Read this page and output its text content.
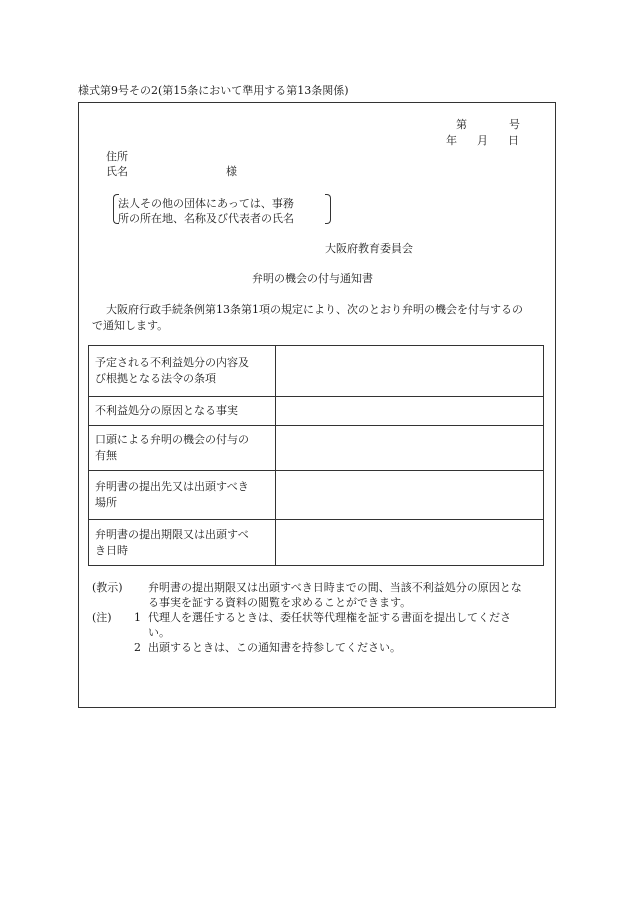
様式第9号その2(第15条において準用する第13条関係)
第	号
年 月 日
住所
氏名	様
法人その他の団体にあっては、事務
所の所在地、名称及び代表者の氏名
大阪府教育委員会
弁明の機会の付与通知書
大阪府行政手続条例第13条第1項の規定により、次のとおり弁明の機会を付与するの
で通知します。
予定される不利益処分の内容及
び根拠となる法令の条項	

不利益処分の原因となる事実	

口頭による弁明の機会の付与の
有無	

弁明書の提出先又は出頭すべき
場所	

弁明書の提出期限又は出頭すべ
き日時	

(教示) 弁明書の提出期限又は出頭すべき日時までの間、当該不利益処分の原因とな
る事実を証する資料の閲覧を求めることができます。
(注) 1 代理人を選任するときは、委任状等代理権を証する書面を提出してくださ
い。
2 出頭するときは、この通知書を持参してください。
